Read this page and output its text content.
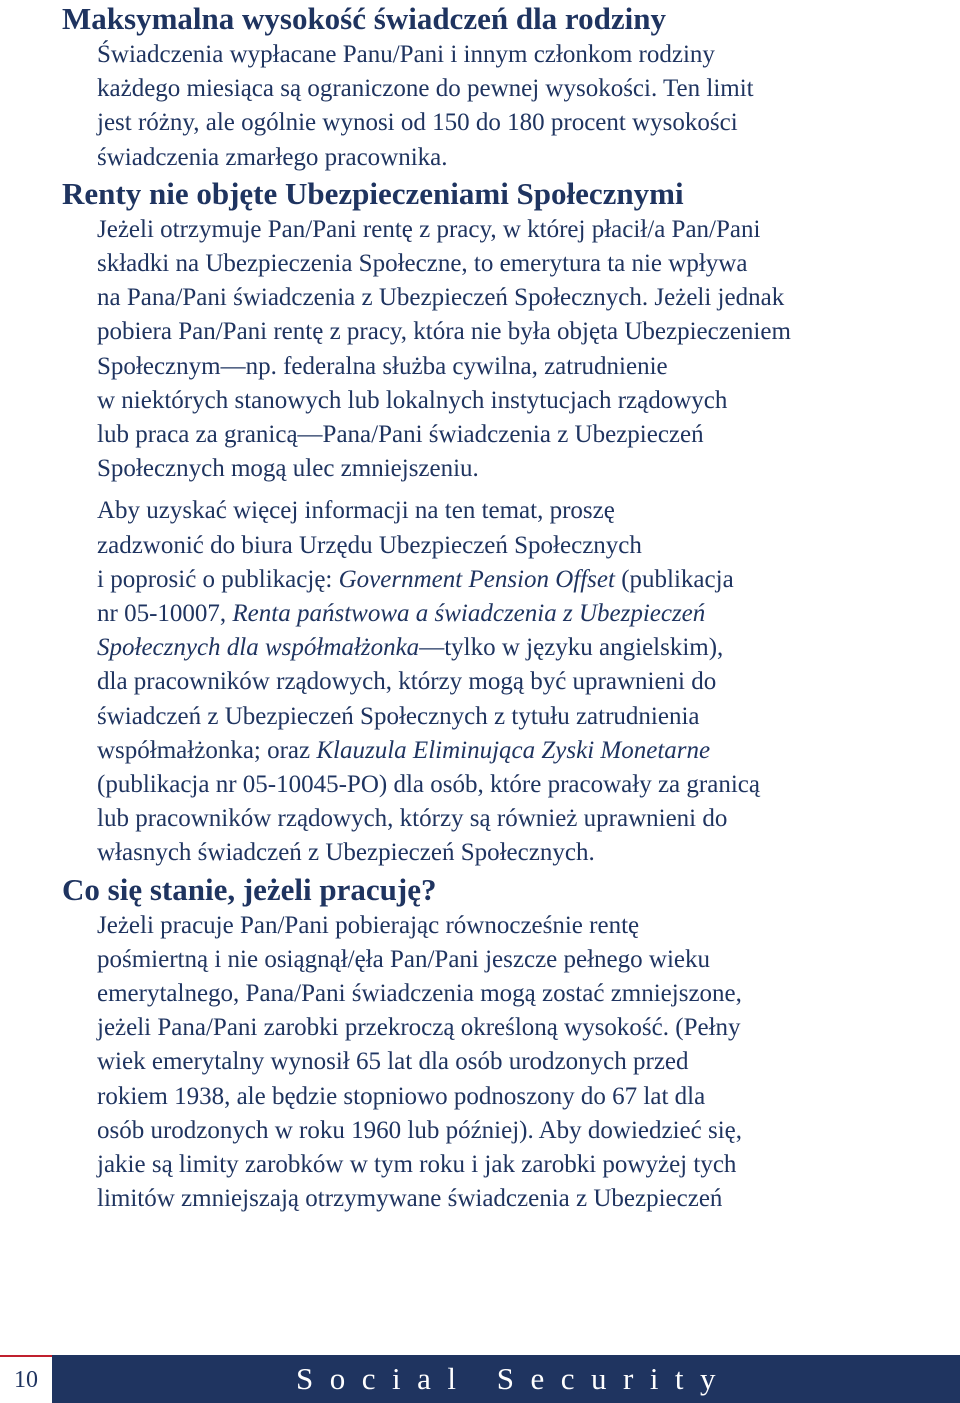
Maksymalna wysokość świadczeń dla rodziny

Świadczenia wypłacane Panu/Pani i innym członkom rodziny
każdego miesiąca są ograniczone do pewnej wysokości. Ten limit
jest różny, ale ogólnie wynosi od 150 do 180 procent wysokości
świadczenia zmarłego pracownika.

Renty nie objęte Ubezpieczeniami Społecznymi

Jeżeli otrzymuje Pan/Pani rentę z pracy, w której płacił/a Pan/Pani
składki na Ubezpieczenia Społeczne, to emerytura ta nie wpływa
na Pana/Pani świadczenia z Ubezpieczeń Społecznych. Jeżeli jednak
pobiera Pan/Pani rentę z pracy, która nie była objęta Ubezpieczeniem
Społecznym—np. federalna służba cywilna, zatrudnienie
w niektórych stanowych lub lokalnych instytucjach rządowych
lub praca za granicą—Pana/Pani świadczenia z Ubezpieczeń
Społecznych mogą ulec zmniejszeniu.

Aby uzyskać więcej informacji na ten temat, proszę
zadzwonić do biura Urzędu Ubezpieczeń Społecznych
i poprosić o publikację: Government Pension Offset (publikacja
nr 05-10007, Renta państwowa a świadczenia z Ubezpieczeń
Społecznych dla współmałżonka—tylko w języku angielskim),
dla pracowników rządowych, którzy mogą być uprawnieni do
świadczeń z Ubezpieczeń Społecznych z tytułu zatrudnienia
współmałżonka; oraz Klauzula Eliminująca Zyski Monetarne
(publikacja nr 05-10045-PO) dla osób, które pracowały za granicą
lub pracowników rządowych, którzy są również uprawnieni do
własnych świadczeń z Ubezpieczeń Społecznych.

Co się stanie, jeżeli pracuję?

Jeżeli pracuje Pan/Pani pobierając równocześnie rentę
pośmiertną i nie osiągnął/ęła Pan/Pani jeszcze pełnego wieku
emerytalnego, Pana/Pani świadczenia mogą zostać zmniejszone,
jeżeli Pana/Pani zarobki przekroczą określoną wysokość. (Pełny
wiek emerytalny wynosił 65 lat dla osób urodzonych przed
rokiem 1938, ale będzie stopniowo podnoszony do 67 lat dla
osób urodzonych w roku 1960 lub później). Aby dowiedzieć się,
jakie są limity zarobków w tym roku i jak zarobki powyżej tych
limitów zmniejszają otrzymywane świadczenia z Ubezpieczeń

10	Social Security
